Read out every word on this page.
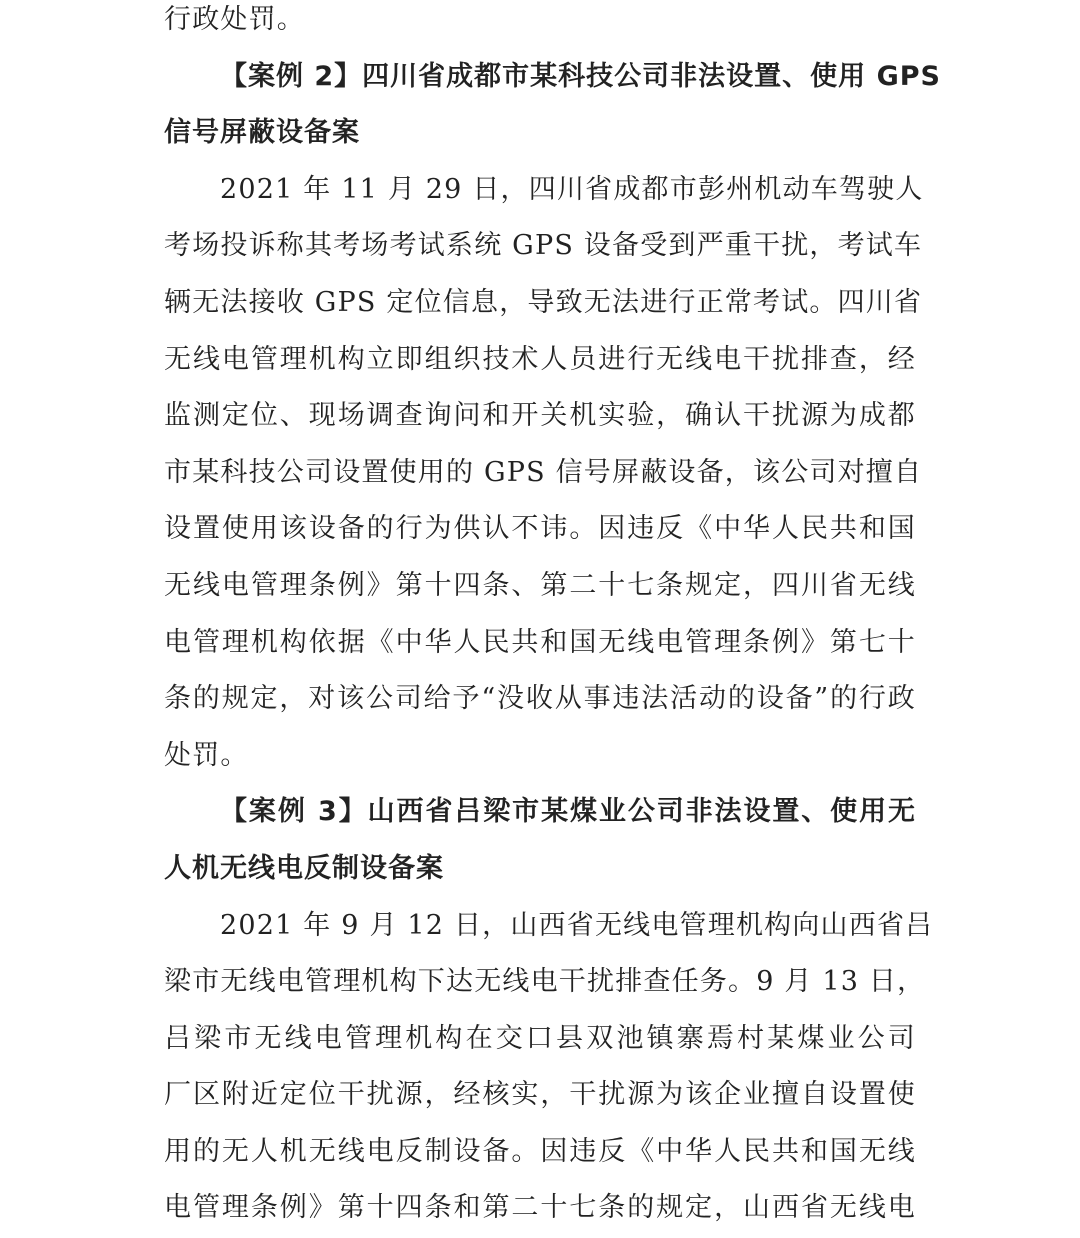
行政处罚。
【案例 2】四川省成都市某科技公司非法设置、使用 GPS
信号屏蔽设备案
2021 年 11 月 29 日，四川省成都市彭州机动车驾驶人
考场投诉称其考场考试系统 GPS 设备受到严重干扰，考试车
辆无法接收 GPS 定位信息，导致无法进行正常考试。四川省
无线电管理机构立即组织技术人员进行无线电干扰排查，经
监测定位、现场调查询问和开关机实验，确认干扰源为成都
市某科技公司设置使用的 GPS 信号屏蔽设备，该公司对擅自
设置使用该设备的行为供认不讳。因违反《中华人民共和国
无线电管理条例》第十四条、第二十七条规定，四川省无线
电管理机构依据《中华人民共和国无线电管理条例》第七十
条的规定，对该公司给予“没收从事违法活动的设备”的行政
处罚。
【案例 3】山西省吕梁市某煤业公司非法设置、使用无
人机无线电反制设备案
2021 年 9 月 12 日，山西省无线电管理机构向山西省吕
梁市无线电管理机构下达无线电干扰排查任务。9 月 13 日，
吕梁市无线电管理机构在交口县双池镇寨焉村某煤业公司
厂区附近定位干扰源，经核实，干扰源为该企业擅自设置使
用的无人机无线电反制设备。因违反《中华人民共和国无线
电管理条例》第十四条和第二十七条的规定，山西省无线电
